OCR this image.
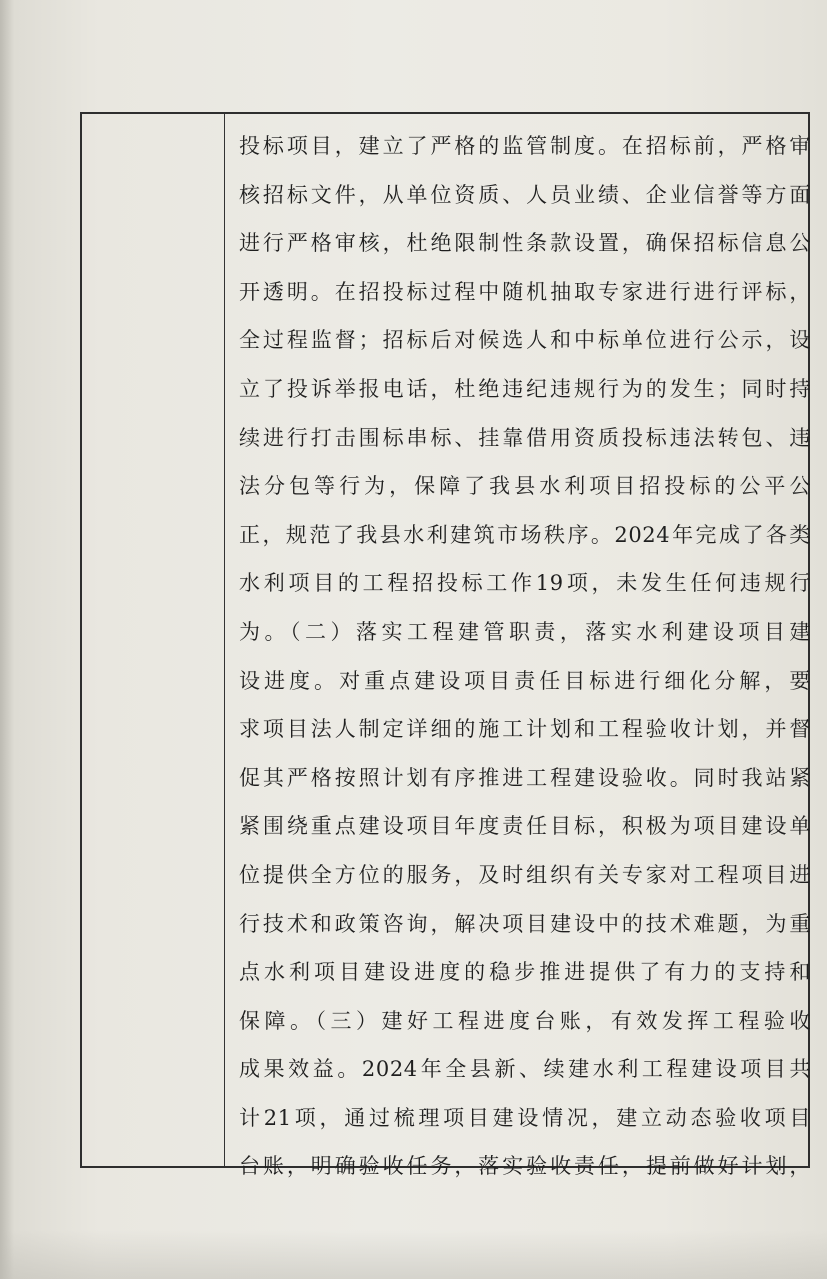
投标项目，建立了严格的监管制度。在招标前，严格审
核招标文件，从单位资质、人员业绩、企业信誉等方面
进行严格审核，杜绝限制性条款设置，确保招标信息公
开透明。在招投标过程中随机抽取专家进行进行评标，
全过程监督；招标后对候选人和中标单位进行公示，设
立了投诉举报电话，杜绝违纪违规行为的发生；同时持
续进行打击围标串标、挂靠借用资质投标违法转包、违
法分包等行为，保障了我县水利项目招投标的公平公
正，规范了我县水利建筑市场秩序。2024年完成了各类
水利项目的工程招投标工作19项，未发生任何违规行
为。（二）落实工程建管职责，落实水利建设项目建
设进度。对重点建设项目责任目标进行细化分解，要
求项目法人制定详细的施工计划和工程验收计划，并督
促其严格按照计划有序推进工程建设验收。同时我站紧
紧围绕重点建设项目年度责任目标，积极为项目建设单
位提供全方位的服务，及时组织有关专家对工程项目进
行技术和政策咨询，解决项目建设中的技术难题，为重
点水利项目建设进度的稳步推进提供了有力的支持和
保障。（三）建好工程进度台账，有效发挥工程验收
成果效益。2024年全县新、续建水利工程建设项目共
计21项，通过梳理项目建设情况，建立动态验收项目
台账，明确验收任务，落实验收责任，提前做好计划，
